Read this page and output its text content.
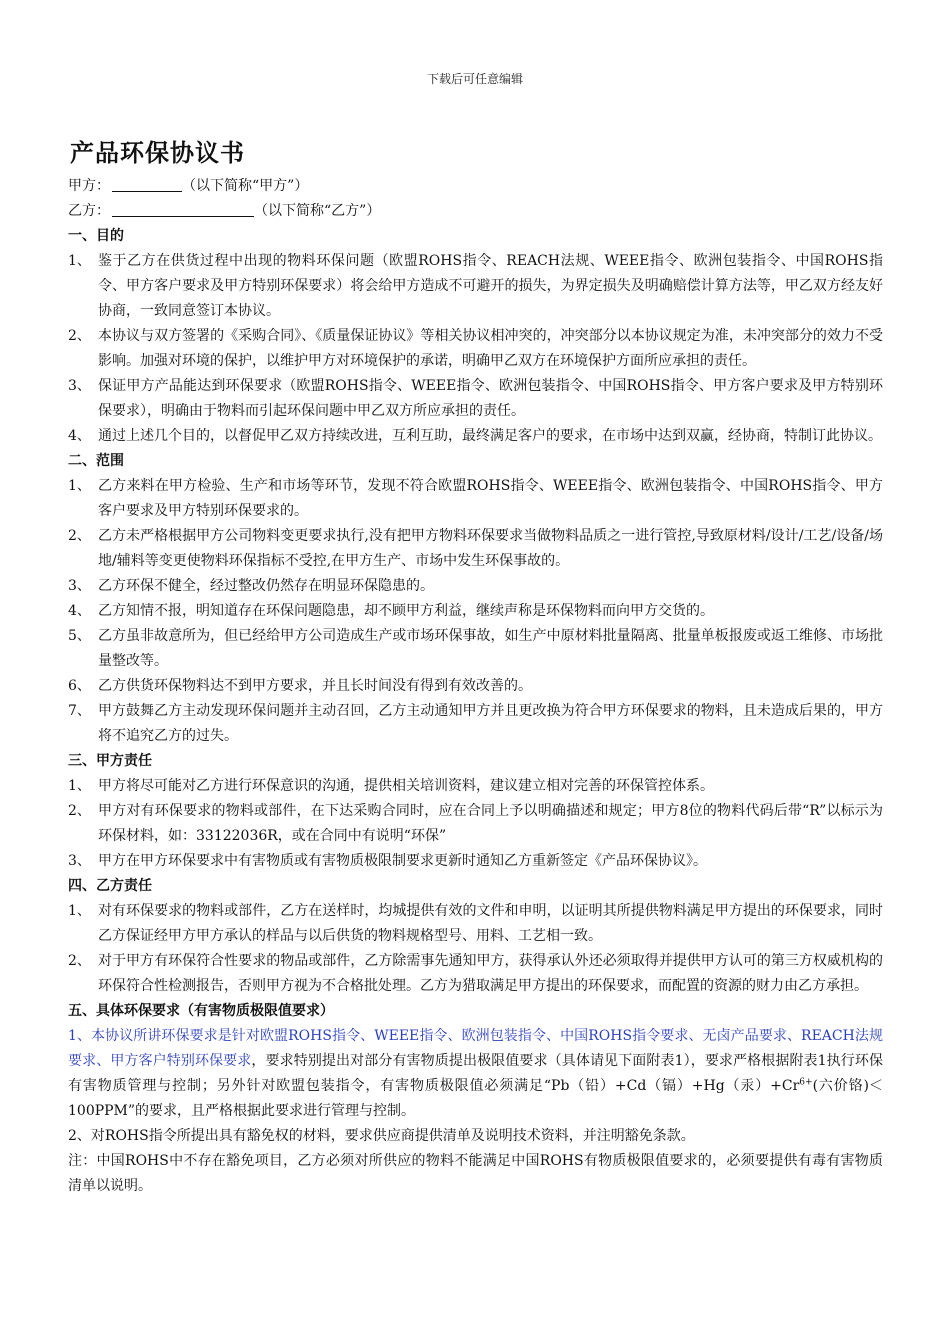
下载后可任意编辑
产品环保协议书
甲方：	（以下简称“甲方”）
乙方：	（以下简称“乙方”）
一、目的
1、 鉴于乙方在供货过程中出现的物料环保问题（欧盟ROHS指令、REACH法规、WEEE指令、欧洲包装指令、中国ROHS指令、甲方客户要求及甲方特别环保要求）将会给甲方造成不可避开的损失，为界定损失及明确赔偿计算方法等，甲乙双方经友好协商，一致同意签订本协议。
2、 本协议与双方签署的《采购合同》、《质量保证协议》等相关协议相冲突的，冲突部分以本协议规定为准，未冲突部分的效力不受影响。加强对环境的保护，以维护甲方对环境保护的承诺，明确甲乙双方在环境保护方面所应承担的责任。
3、 保证甲方产品能达到环保要求（欧盟ROHS指令、WEEE指令、欧洲包装指令、中国ROHS指令、甲方客户要求及甲方特别环保要求），明确由于物料而引起环保问题中甲乙双方所应承担的责任。
4、 通过上述几个目的，以督促甲乙双方持续改进，互利互助，最终满足客户的要求，在市场中达到双赢，经协商，特制订此协议。
二、范围
1、 乙方来料在甲方检验、生产和市场等环节，发现不符合欧盟ROHS指令、WEEE指令、欧洲包装指令、中国ROHS指令、甲方客户要求及甲方特别环保要求的。
2、 乙方未严格根据甲方公司物料变更要求执行,没有把甲方物料环保要求当做物料品质之一进行管控,导致原材料/设计/工艺/设备/场地/辅料等变更使物料环保指标不受控,在甲方生产、市场中发生环保事故的。
3、 乙方环保不健全，经过整改仍然存在明显环保隐患的。
4、 乙方知情不报，明知道存在环保问题隐患，却不顾甲方利益，继续声称是环保物料而向甲方交货的。
5、 乙方虽非故意所为，但已经给甲方公司造成生产或市场环保事故，如生产中原材料批量隔离、批量单板报废或返工维修、市场批量整改等。
6、 乙方供货环保物料达不到甲方要求，并且长时间没有得到有效改善的。
7、 甲方鼓舞乙方主动发现环保问题并主动召回，乙方主动通知甲方并且更改换为符合甲方环保要求的物料，且未造成后果的，甲方将不追究乙方的过失。
三、甲方责任
1、 甲方将尽可能对乙方进行环保意识的沟通，提供相关培训资料，建议建立相对完善的环保管控体系。
2、 甲方对有环保要求的物料或部件，在下达采购合同时，应在合同上予以明确描述和规定；甲方8位的物料代码后带“R”以标示为环保材料，如：33122036R，或在合同中有说明“环保”
3、 甲方在甲方环保要求中有害物质或有害物质极限制要求更新时通知乙方重新签定《产品环保协议》。
四、乙方责任
1、 对有环保要求的物料或部件，乙方在送样时，均城提供有效的文件和申明，以证明其所提供物料满足甲方提出的环保要求，同时乙方保证经甲方甲方承认的样品与以后供货的物料规格型号、用料、工艺相一致。
2、 对于甲方有环保符合性要求的物品或部件，乙方除需事先通知甲方，获得承认外还必须取得并提供甲方认可的第三方权威机构的环保符合性检测报告，否则甲方视为不合格批处理。乙方为猎取满足甲方提出的环保要求，而配置的资源的财力由乙方承担。
五、具体环保要求（有害物质极限值要求）
1、本协议所讲环保要求是针对欧盟ROHS指令、WEEE指令、欧洲包装指令、中国ROHS指令要求、无卤产品要求、REACH法规要求、甲方客户特别环保要求，要求特别提出对部分有害物质提出极限值要求（具体请见下面附表1），要求严格根据附表1执行环保有害物质管理与控制；另外针对欧盟包装指令，有害物质极限值必须满足“Pb（铅）+Cd（镉）+Hg（汞）$+Cr^{6+}$(六价铬)＜100PPM”的要求，且严格根据此要求进行管理与控制。
2、对ROHS指令所提出具有豁免权的材料，要求供应商提供清单及说明技术资料，并注明豁免条款。
注：中国ROHS中不存在豁免项目，乙方必须对所供应的物料不能满足中国ROHS有物质极限值要求的，必须要提供有毒有害物质清单以说明。
